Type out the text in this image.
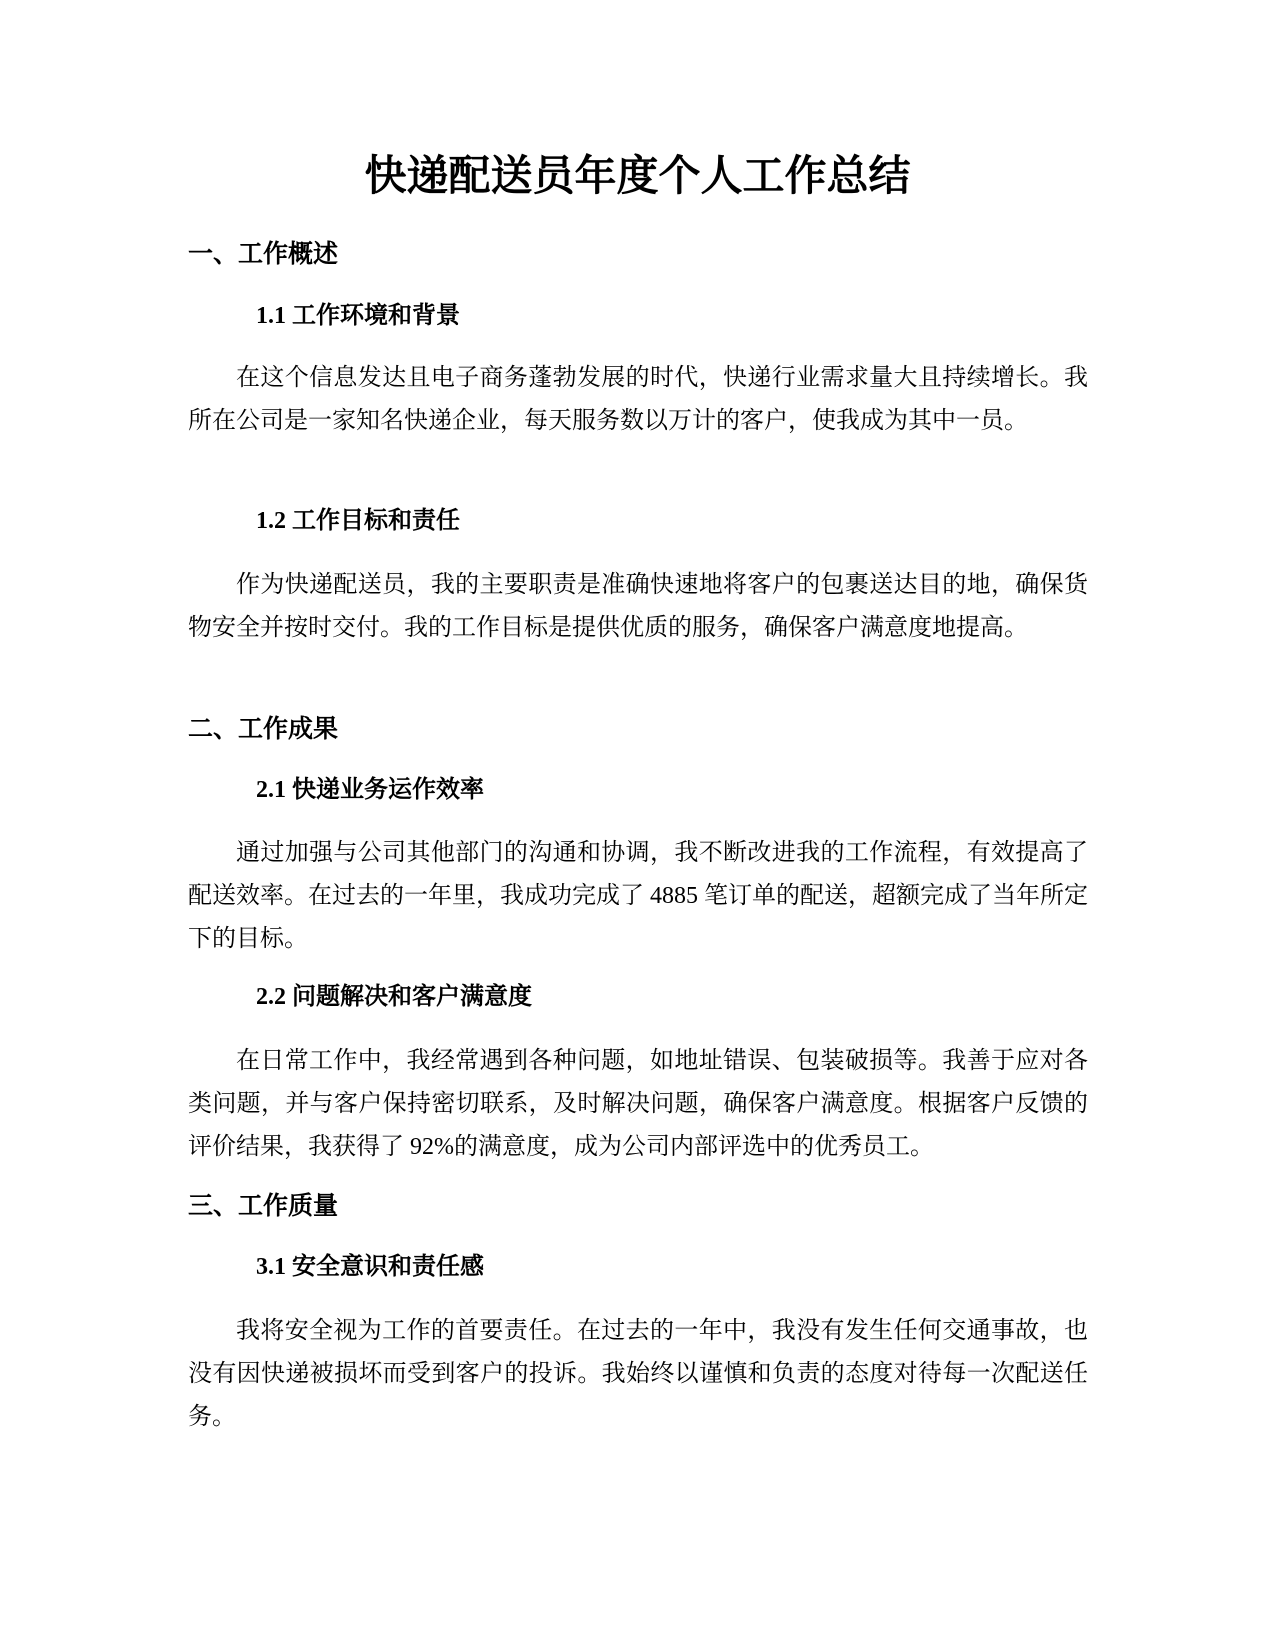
快递配送员年度个人工作总结
一、工作概述
1.1 工作环境和背景

在这个信息发达且电子商务蓬勃发展的时代，快递行业需求量大且持续增长。我所在公司是一家知名快递企业，每天服务数以万计的客户，使我成为其中一员。

1.2 工作目标和责任

作为快递配送员，我的主要职责是准确快速地将客户的包裹送达目的地，确保货物安全并按时交付。我的工作目标是提供优质的服务，确保客户满意度地提高。

二、工作成果
2.1 快递业务运作效率

通过加强与公司其他部门的沟通和协调，我不断改进我的工作流程，有效提高了配送效率。在过去的一年里，我成功完成了 4885 笔订单的配送，超额完成了当年所定下的目标。

2.2 问题解决和客户满意度

在日常工作中，我经常遇到各种问题，如地址错误、包装破损等。我善于应对各类问题，并与客户保持密切联系，及时解决问题，确保客户满意度。根据客户反馈的评价结果，我获得了 92%的满意度，成为公司内部评选中的优秀员工。

三、工作质量
3.1 安全意识和责任感

我将安全视为工作的首要责任。在过去的一年中，我没有发生任何交通事故，也没有因快递被损坏而受到客户的投诉。我始终以谨慎和负责的态度对待每一次配送任务。
